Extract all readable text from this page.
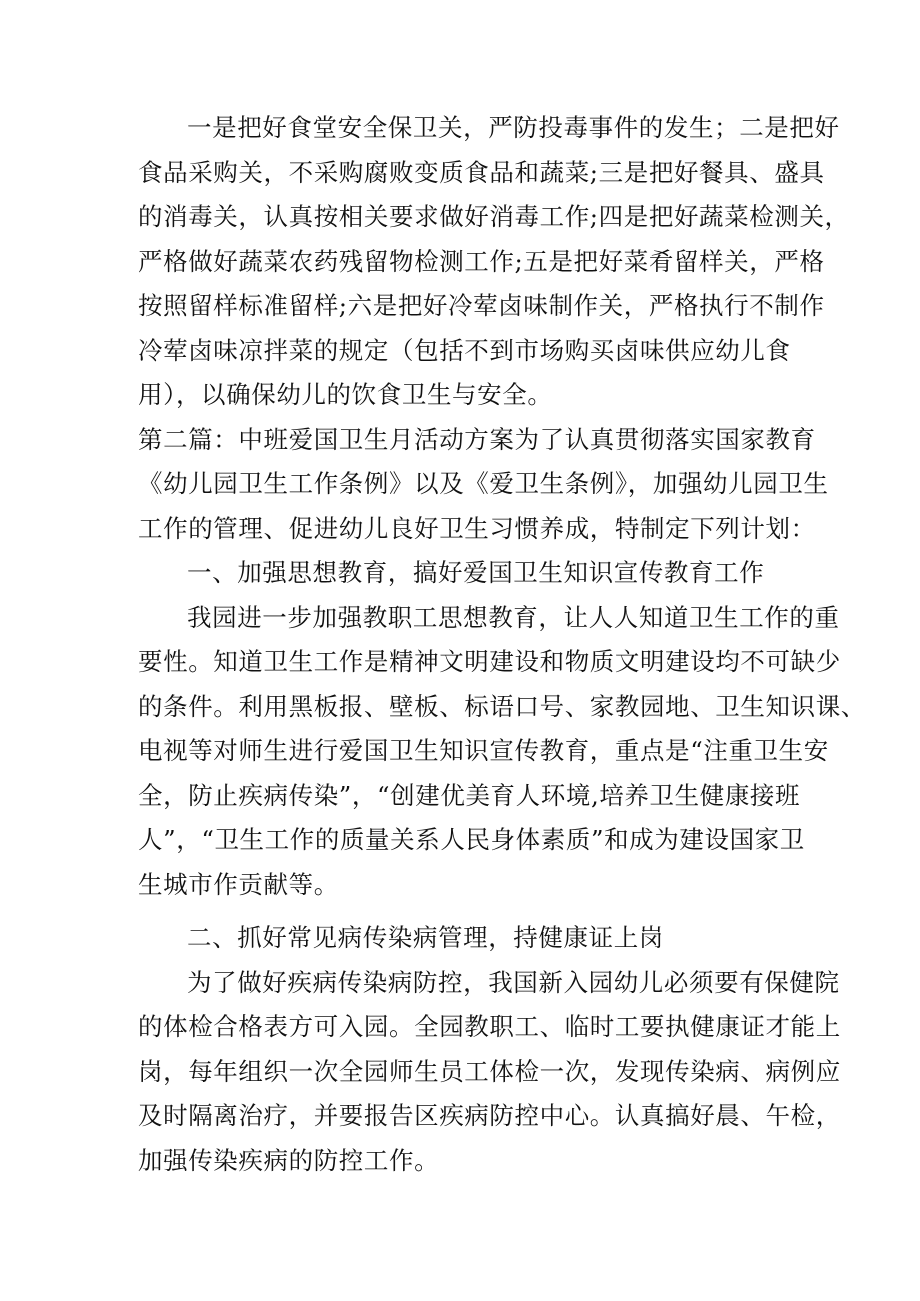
一是把好食堂安全保卫关，严防投毒事件的发生；二是把好
食品采购关，不采购腐败变质食品和蔬菜;三是把好餐具、盛具
的消毒关，认真按相关要求做好消毒工作;四是把好蔬菜检测关，
严格做好蔬菜农药残留物检测工作;五是把好菜肴留样关，严格
按照留样标准留样;六是把好冷荤卤味制作关，严格执行不制作
冷荤卤味凉拌菜的规定（包括不到市场购买卤味供应幼儿食
用），以确保幼儿的饮食卫生与安全。
第二篇：中班爱国卫生月活动方案为了认真贯彻落实国家教育
《幼儿园卫生工作条例》以及《爱卫生条例》，加强幼儿园卫生
工作的管理、促进幼儿良好卫生习惯养成，特制定下列计划：
一、加强思想教育，搞好爱国卫生知识宣传教育工作
我园进一步加强教职工思想教育，让人人知道卫生工作的重
要性。知道卫生工作是精神文明建设和物质文明建设均不可缺少
的条件。利用黑板报、壁板、标语口号、家教园地、卫生知识课、
电视等对师生进行爱国卫生知识宣传教育，重点是“注重卫生安
全，防止疾病传染”，“创建优美育人环境,培养卫生健康接班
人”，“卫生工作的质量关系人民身体素质”和成为建设国家卫
生城市作贡献等。
二、抓好常见病传染病管理，持健康证上岗
为了做好疾病传染病防控，我国新入园幼儿必须要有保健院
的体检合格表方可入园。全园教职工、临时工要执健康证才能上
岗，每年组织一次全园师生员工体检一次，发现传染病、病例应
及时隔离治疗，并要报告区疾病防控中心。认真搞好晨、午检，
加强传染疾病的防控工作。
